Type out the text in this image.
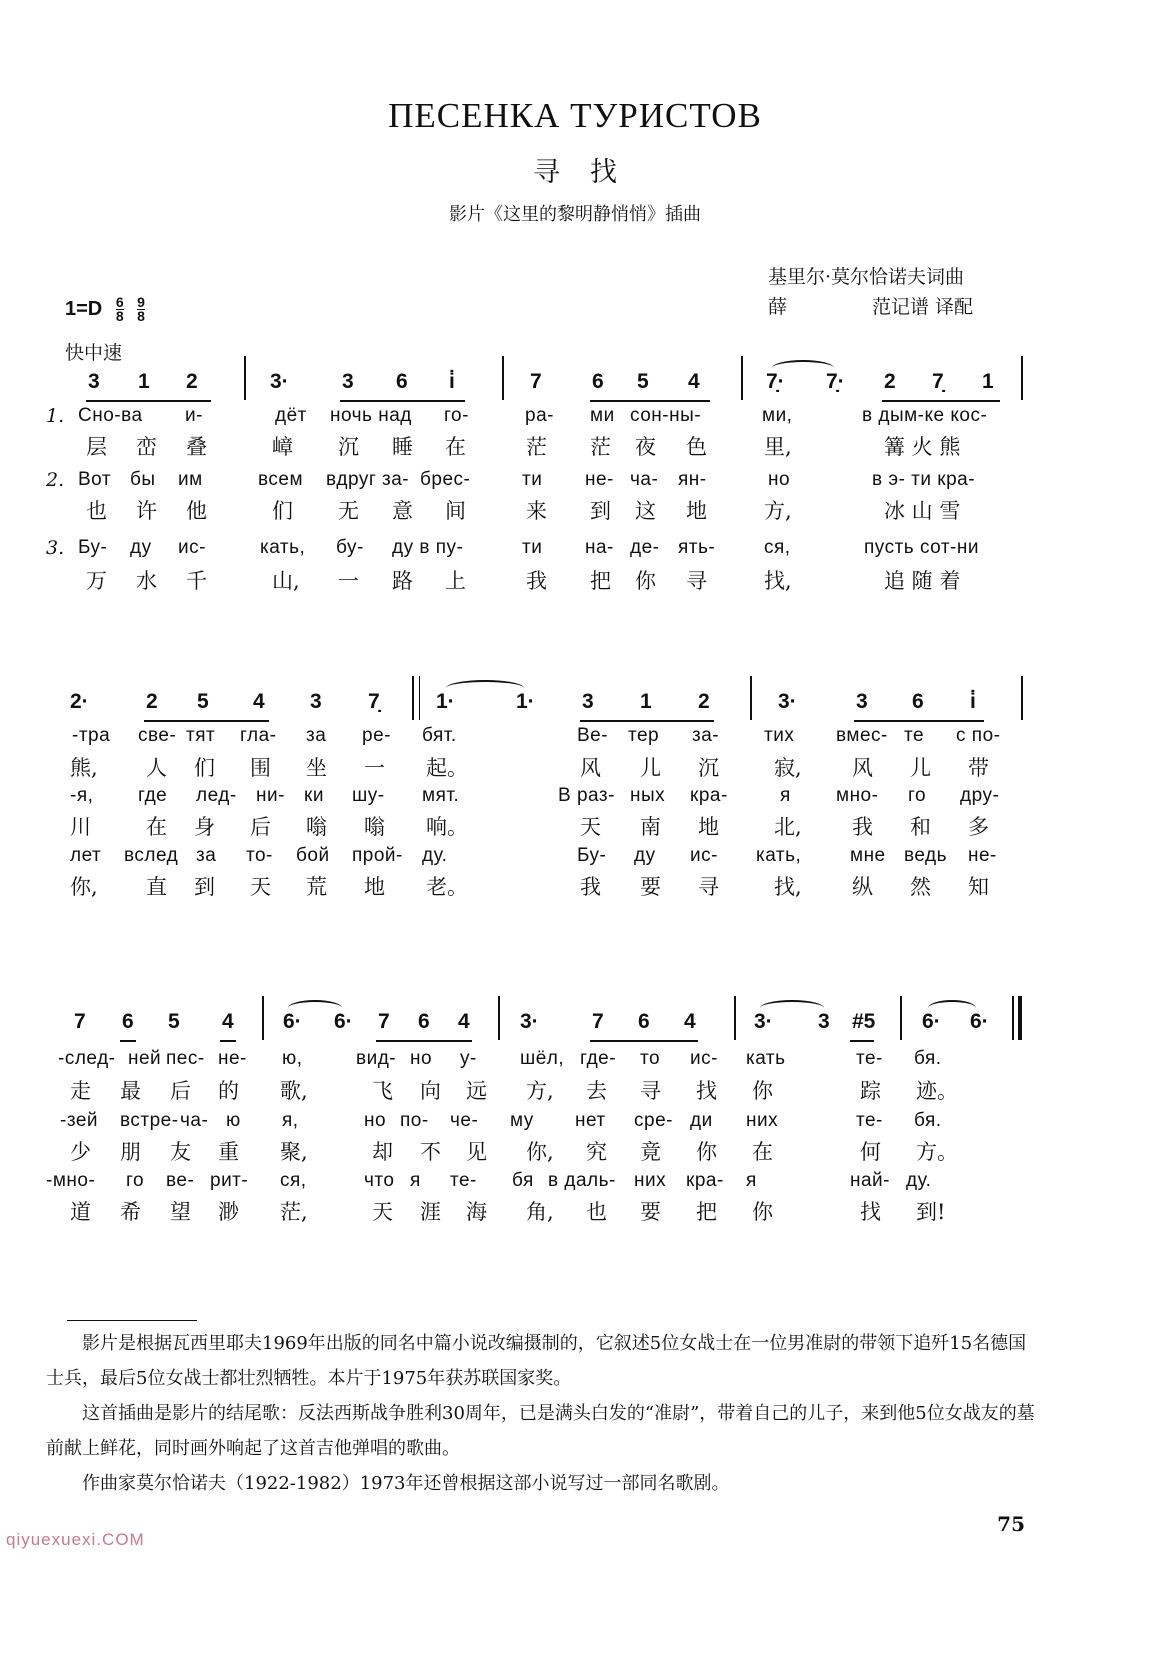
ПЕСЕНКА ТУРИСТОВ
寻找
影片《这里的黎明静悄悄》插曲
基里尔·莫尔恰诺夫词曲
薛	范记谱 译配
$1=D \frac{6}{8}$
$\frac{9}{8}$
快中速
3 1 2	3·	3 6 i̇	7 6 5 4	7̣· 7̣· 2 7̣ 1
1. Сно-ва и-	дёт ночь над го-	ра- ми сон-ны-	ми,	в дым-ке кос-
层 峦 叠	嶂 沉 睡 在	茫 茫 夜 色	里,	篝 火 熊
2. Вот бы им	всем вдруг за- брес-	ти не- ча- ян-	но	в э- ти кра-
也 许 他	们 无 意 间	来 到 这 地	方,	冰 山 雪
3. Бу- ду ис-	кать, бу- ду в пу-	ти на- де- ять-	ся,	пусть сот-ни
万 水 千	山, 一 路 上	我 把 你 寻	找,	追 随 着
2·	2 5 4 3 7̣	1·	1· 3 1 2	3·	3 6 i̇
-тра све- тят гла- за ре- бят.	Ве- тер за- тих вмес- те с по-
熊, 人 们 围 坐 一 起。	风 儿 沉	寂, 风 儿 带
-я, где лед- ни- ки шу- мят.	В раз- ных кра-	я мно- го дру-
川	在 身 后 嗡 嗡 响。	天 南 地	北, 我 和 多
лет вслед за то- бой прой- ду.	Бу- ду ис- кать,	мне ведь не-
你, 直 到 天 荒 地 老。	我 要 寻	找, 纵 然 知
7 6 5 4 6· 6· 7 6 4 3·	7 6 4	3· 3 #5 6· 6·
-след- ней пес- не- ю,	вид- но у- шёл, где- то ис- кать	те- бя.
走 最 后 的 歌,	飞 向 远 方, 去 寻 找 你	踪 迹。
-зей встре- ча- ю я,	но по- че- му нет сре- ди них	те- бя.
少 朋 友 重 聚,	却 不 见 你, 究 竟 你 在	何 方。
-мно- го ве- рит- ся,	что я те- бя в даль- них кра- я	най- ду.
道 希 望 渺 茫,	天 涯 海 角, 也 要 把 你	找 到!
影片是根据瓦西里耶夫1969年出版的同名中篇小说改编摄制的，它叙述5位女战士在一位男准尉的带领下追歼15名德国士兵，最后5位女战士都壮烈牺牲。本片于1975年获苏联国家奖。
这首插曲是影片的结尾歌：反法西斯战争胜利30周年，已是满头白发的“准尉”，带着自己的儿子，来到他5位女战友的墓前献上鲜花，同时画外响起了这首吉他弹唱的歌曲。
作曲家莫尔恰诺夫（1922-1982）1973年还曾根据这部小说写过一部同名歌剧。
75
qiyuexuexi.COM
